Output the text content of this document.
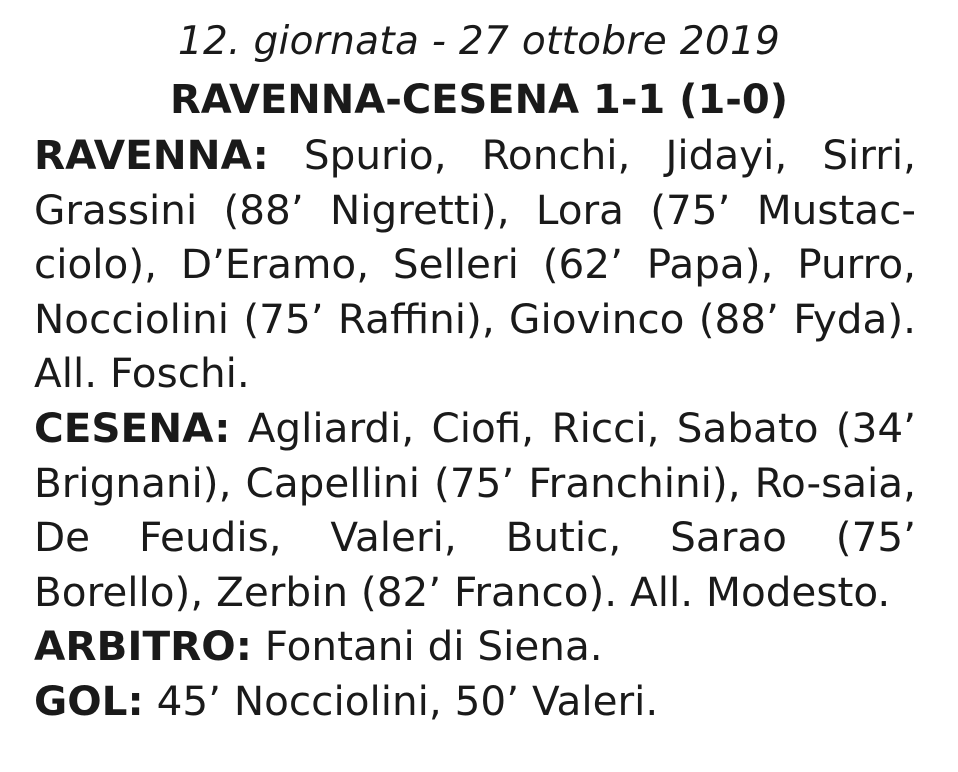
12. giornata - 27 ottobre 2019
RAVENNA-CESENA 1-1 (1-0)
RAVENNA: Spurio, Ronchi, Jidayi, Sirri, Grassini (88’ Nigretti), Lora (75’ Mustac-ciolo), D’Eramo, Selleri (62’ Papa), Purro, Nocciolini (75’ Raffini), Giovinco (88’ Fyda). All. Foschi.
CESENA: Agliardi, Ciofi, Ricci, Sabato (34’ Brignani), Capellini (75’ Franchini), Ro-saia, De Feudis, Valeri, Butic, Sarao (75’ Borello), Zerbin (82’ Franco). All. Modesto.
ARBITRO: Fontani di Siena.
GOL: 45’ Nocciolini, 50’ Valeri.
